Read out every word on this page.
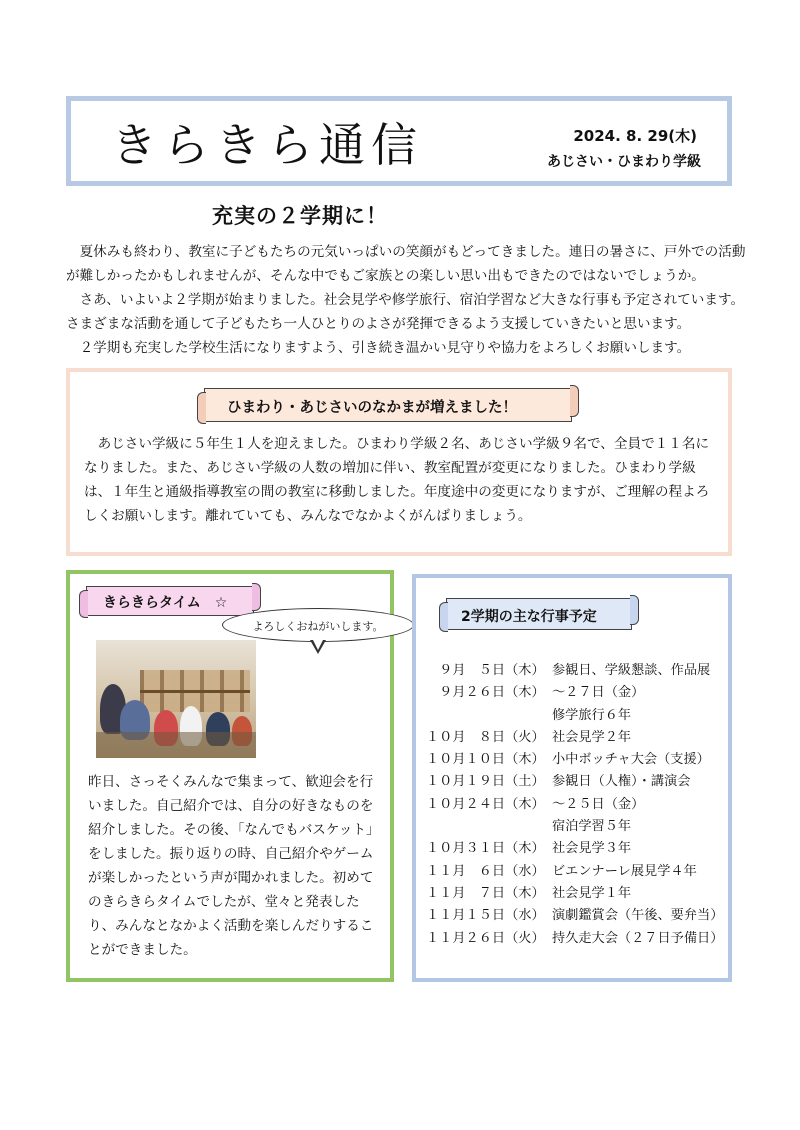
きらきら通信	2024. 8. 29(木)
あじさい・ひまわり学級
充実の２学期に！

夏休みも終わり、教室に子どもたちの元気いっぱいの笑顔がもどってきました。連日の暑さに、戸外での活動が難しかったかもしれませんが、そんな中でもご家族との楽しい思い出もできたのではないでしょうか。

さあ、いよいよ２学期が始まりました。社会見学や修学旅行、宿泊学習など大きな行事も予定されています。さまざまな活動を通して子どもたち一人ひとりのよさが発揮できるよう支援していきたいと思います。

２学期も充実した学校生活になりますよう、引き続き温かい見守りや協力をよろしくお願いします。

ひまわり・あじさいのなかまが増えました！

あじさい学級に５年生１人を迎えました。ひまわり学級２名、あじさい学級９名で、全員で１１名になりました。また、あじさい学級の人数の増加に伴い、教室配置が変更になりました。ひまわり学級は、１年生と通級指導教室の間の教室に移動しました。年度途中の変更になりますが、ご理解の程よろしくお願いします。離れていても、みんなでなかよくがんばりましょう。

きらきらタイム　☆
よろしくおねがいします。
昨日、さっそくみんなで集まって、歓迎会を行いました。自己紹介では、自分の好きなものを紹介しました。その後、「なんでもバスケット」をしました。振り返りの時、自己紹介やゲームが楽しかったという声が聞かれました。初めてのきらきらタイムでしたが、堂々と発表したり、みんなとなかよく活動を楽しんだりすることができました。
2学期の主な行事予定
　９月　５日（木） 参観日、学級懇談、作品展
　９月２６日（木） ～２７日（金）
修学旅行６年
１０月　８日（火） 社会見学２年
１０月１０日（木） 小中ボッチャ大会（支援）
１０月１９日（土） 参観日（人権）・講演会
１０月２４日（木） ～２５日（金）
宿泊学習５年
１０月３１日（木） 社会見学３年
１１月　６日（水） ビエンナーレ展見学４年
１１月　７日（木） 社会見学１年
１１月１５日（水） 演劇鑑賞会（午後、要弁当）
１１月２６日（火） 持久走大会（２７日予備日）
